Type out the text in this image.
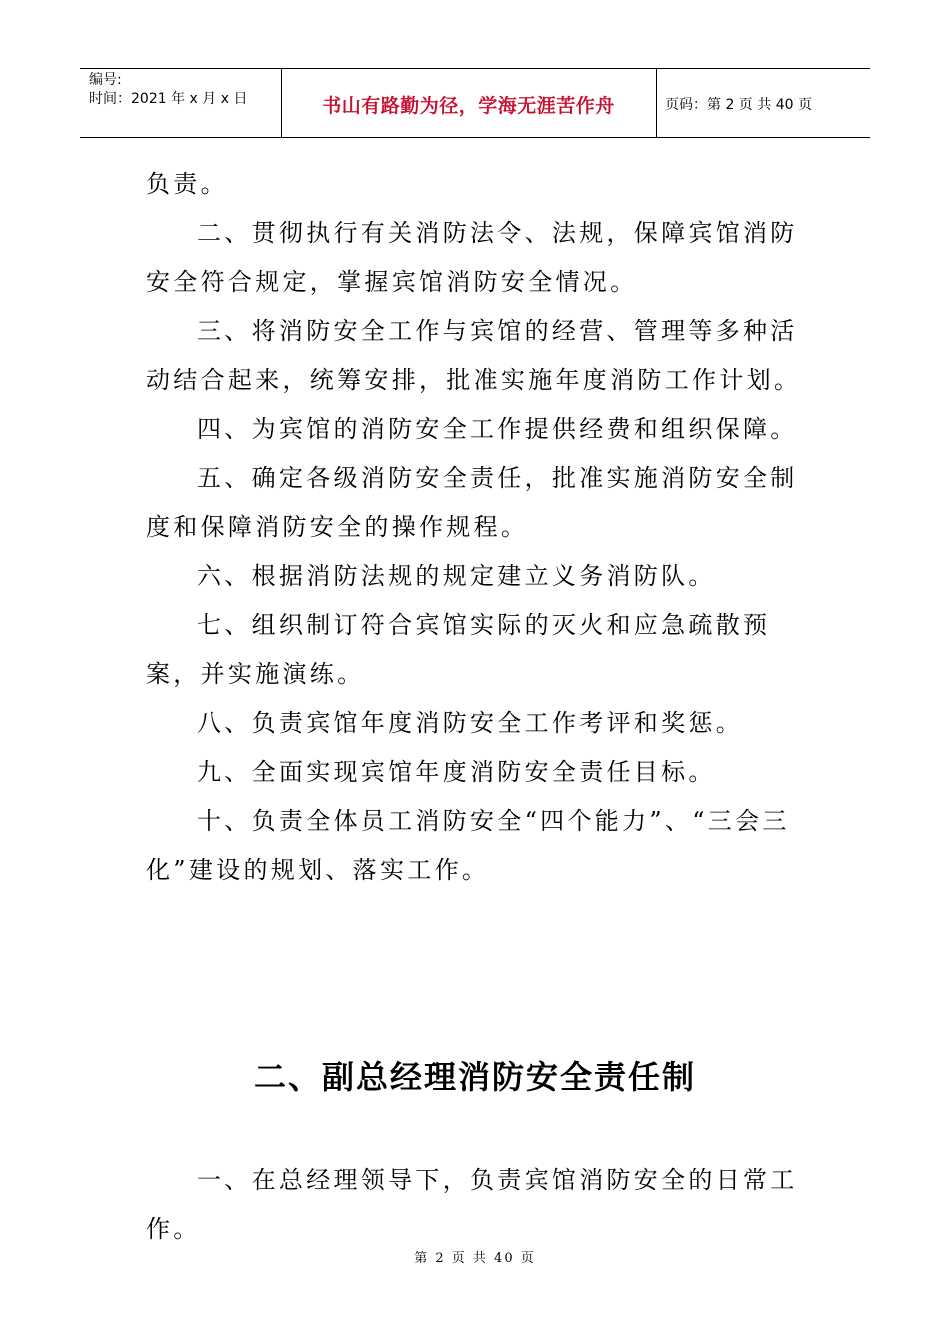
编号:
时间：2021 年 x 月 x 日	书山有路勤为径，学海无涯苦作舟	页码：第 2 页 共 40 页

负责。

二、贯彻执行有关消防法令、法规，保障宾馆消防安全符合规定，掌握宾馆消防安全情况。

三、将消防安全工作与宾馆的经营、管理等多种活动结合起来，统筹安排，批准实施年度消防工作计划。

四、为宾馆的消防安全工作提供经费和组织保障。

五、确定各级消防安全责任，批准实施消防安全制度和保障消防安全的操作规程。

六、根据消防法规的规定建立义务消防队。

七、组织制订符合宾馆实际的灭火和应急疏散预案，并实施演练。

八、负责宾馆年度消防安全工作考评和奖惩。

九、全面实现宾馆年度消防安全责任目标。

十、负责全体员工消防安全“四个能力”、“三会三化”建设的规划、落实工作。

二、副总经理消防安全责任制

一、在总经理领导下，负责宾馆消防安全的日常工作。

第 2 页 共 40 页
